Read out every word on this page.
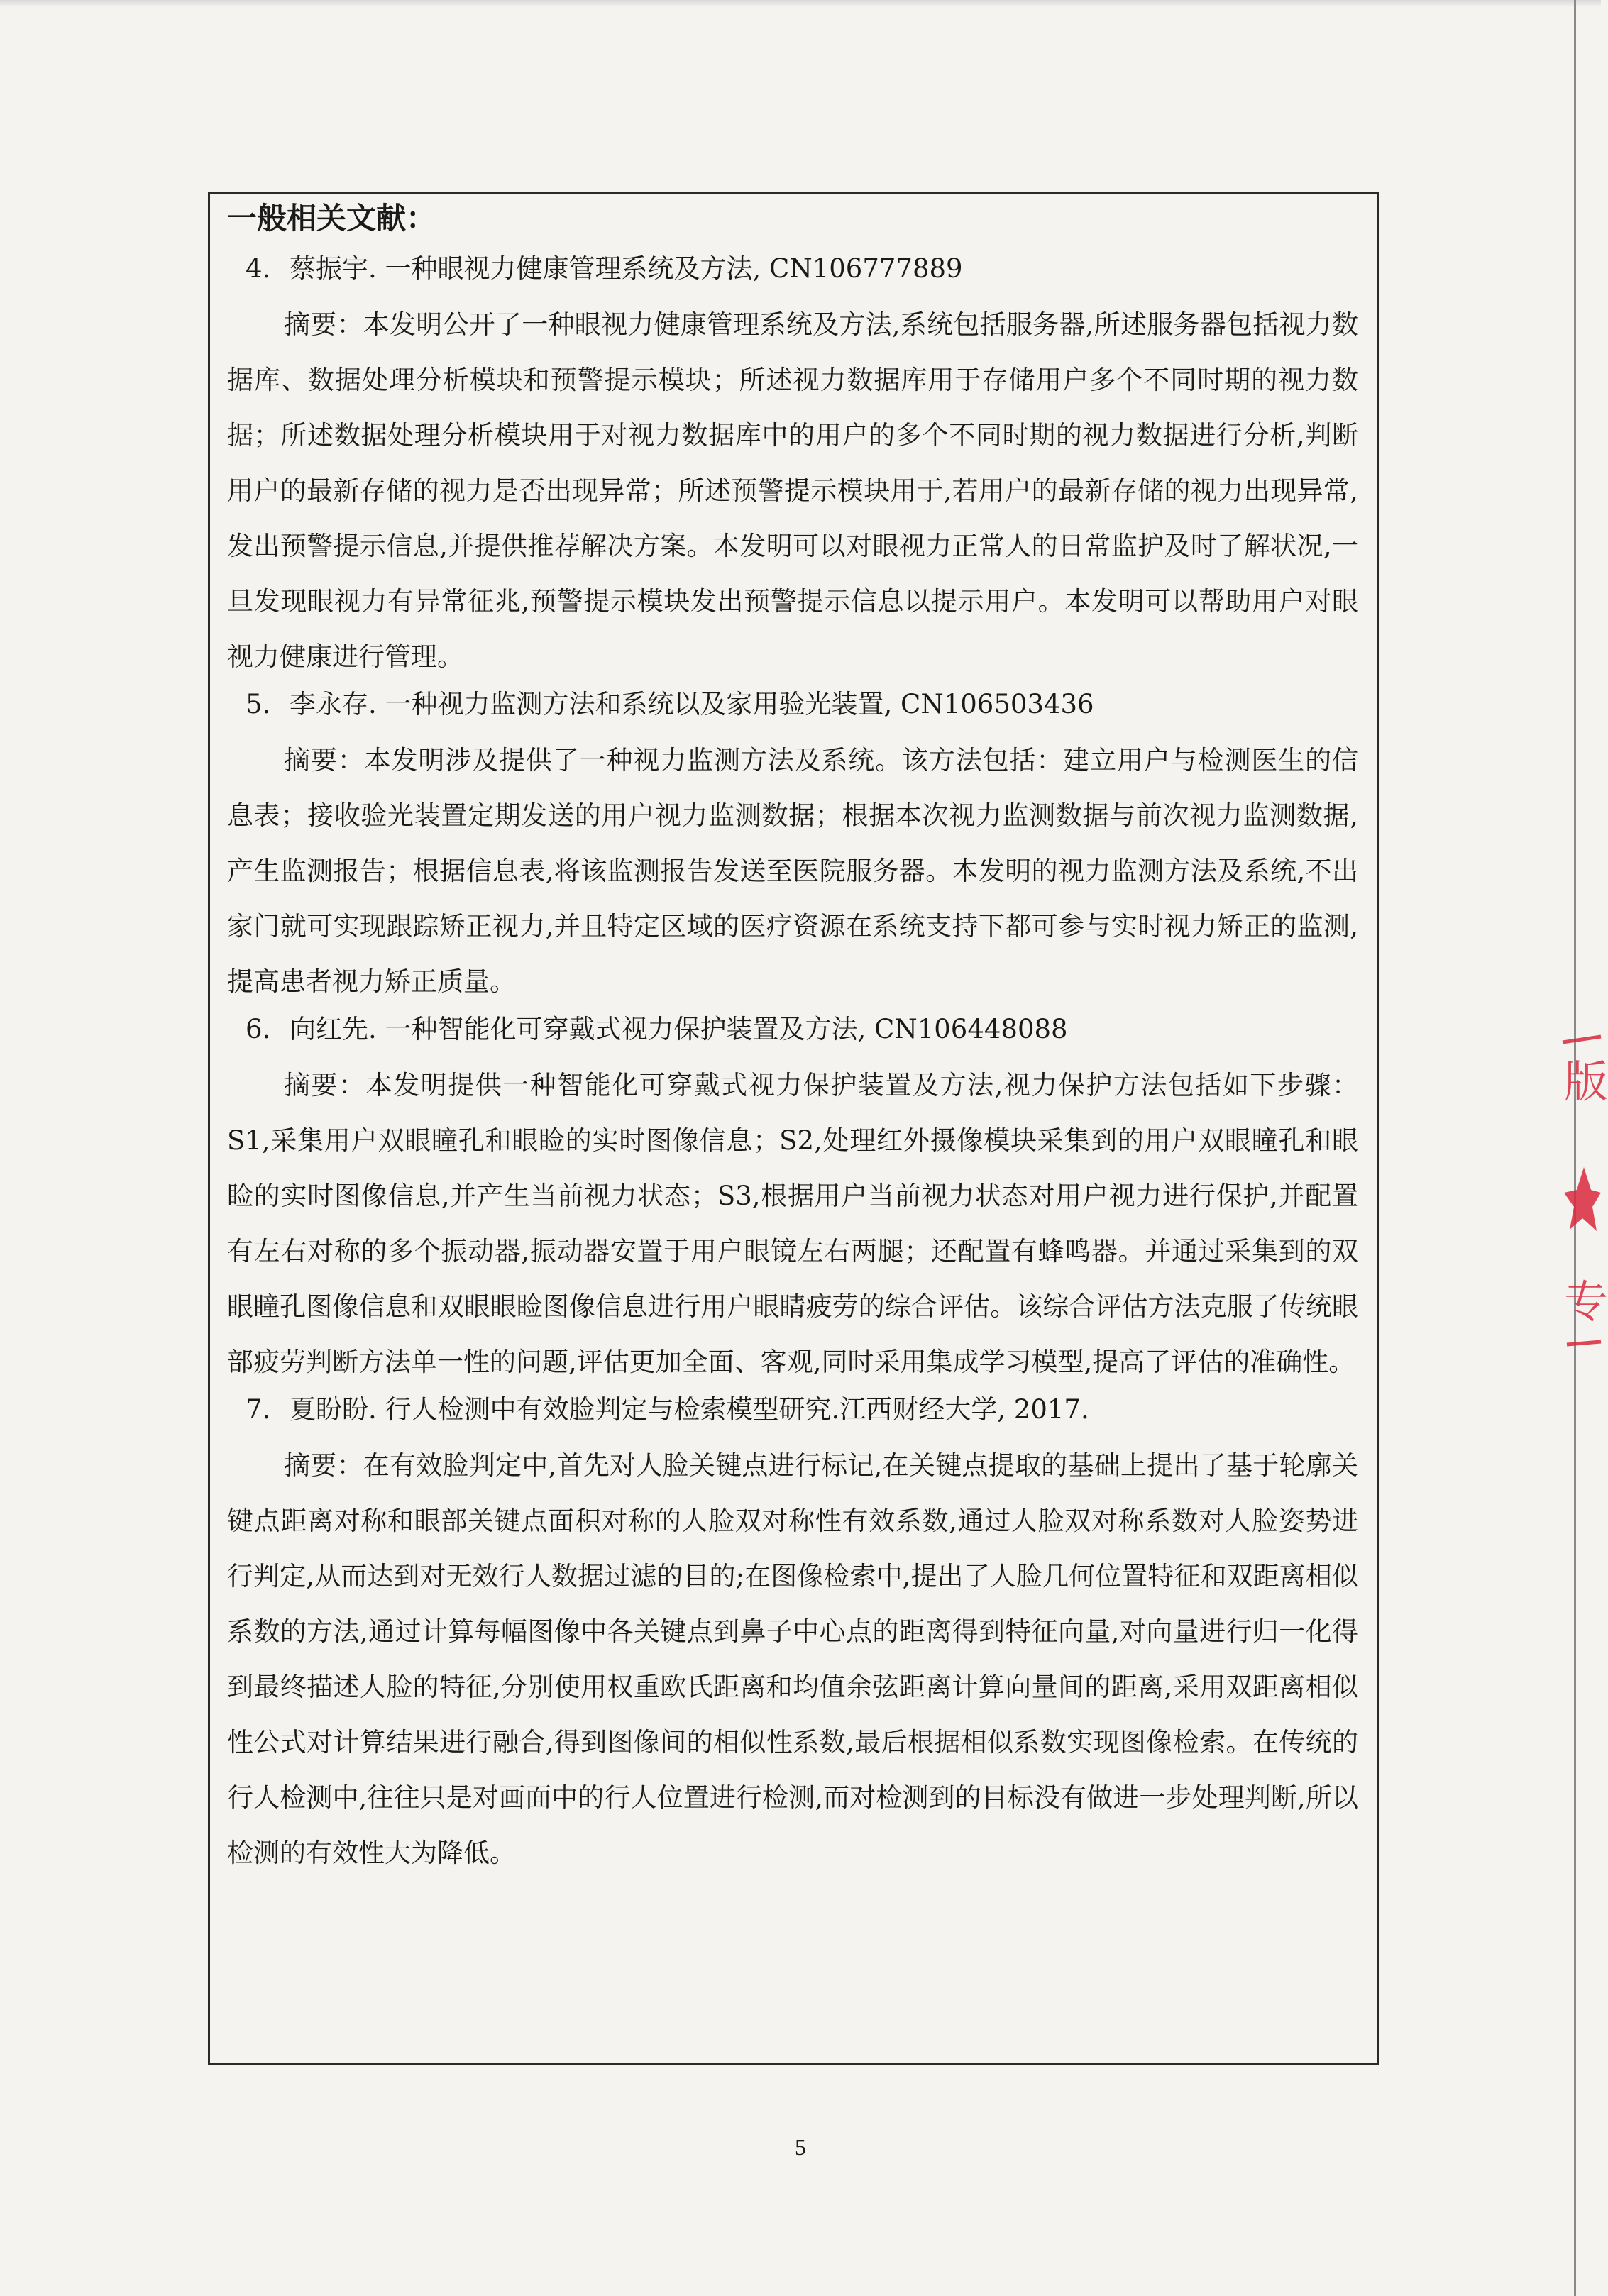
一般相关文献：
4. 蔡振宇. 一种眼视力健康管理系统及方法, CN106777889

摘要：本发明公开了一种眼视力健康管理系统及方法,系统包括服务器,所述服务器包括视力数据库、数据处理分析模块和预警提示模块；所述视力数据库用于存储用户多个不同时期的视力数据；所述数据处理分析模块用于对视力数据库中的用户的多个不同时期的视力数据进行分析,判断用户的最新存储的视力是否出现异常；所述预警提示模块用于,若用户的最新存储的视力出现异常,发出预警提示信息,并提供推荐解决方案。本发明可以对眼视力正常人的日常监护及时了解状况,一旦发现眼视力有异常征兆,预警提示模块发出预警提示信息以提示用户。本发明可以帮助用户对眼视力健康进行管理。

5. 李永存. 一种视力监测方法和系统以及家用验光装置, CN106503436

摘要：本发明涉及提供了一种视力监测方法及系统。该方法包括：建立用户与检测医生的信息表；接收验光装置定期发送的用户视力监测数据；根据本次视力监测数据与前次视力监测数据,产生监测报告；根据信息表,将该监测报告发送至医院服务器。本发明的视力监测方法及系统,不出家门就可实现跟踪矫正视力,并且特定区域的医疗资源在系统支持下都可参与实时视力矫正的监测,提高患者视力矫正质量。

6. 向红先. 一种智能化可穿戴式视力保护装置及方法, CN106448088

摘要：本发明提供一种智能化可穿戴式视力保护装置及方法,视力保护方法包括如下步骤：S1,采集用户双眼瞳孔和眼睑的实时图像信息；S2,处理红外摄像模块采集到的用户双眼瞳孔和眼睑的实时图像信息,并产生当前视力状态；S3,根据用户当前视力状态对用户视力进行保护,并配置有左右对称的多个振动器,振动器安置于用户眼镜左右两腿；还配置有蜂鸣器。并通过采集到的双眼瞳孔图像信息和双眼眼睑图像信息进行用户眼睛疲劳的综合评估。该综合评估方法克服了传统眼部疲劳判断方法单一性的问题,评估更加全面、客观,同时采用集成学习模型,提高了评估的准确性。

7. 夏盼盼. 行人检测中有效脸判定与检索模型研究.江西财经大学, 2017.

摘要：在有效脸判定中,首先对人脸关键点进行标记,在关键点提取的基础上提出了基于轮廓关键点距离对称和眼部关键点面积对称的人脸双对称性有效系数,通过人脸双对称系数对人脸姿势进行判定,从而达到对无效行人数据过滤的目的;在图像检索中,提出了人脸几何位置特征和双距离相似系数的方法,通过计算每幅图像中各关键点到鼻子中心点的距离得到特征向量,对向量进行归一化得到最终描述人脸的特征,分别使用权重欧氏距离和均值余弦距离计算向量间的距离,采用双距离相似性公式对计算结果进行融合,得到图像间的相似性系数,最后根据相似系数实现图像检索。在传统的行人检测中,往往只是对画面中的行人位置进行检测,而对检测到的目标没有做进一步处理判断,所以检测的有效性大为降低。

5
版
专
